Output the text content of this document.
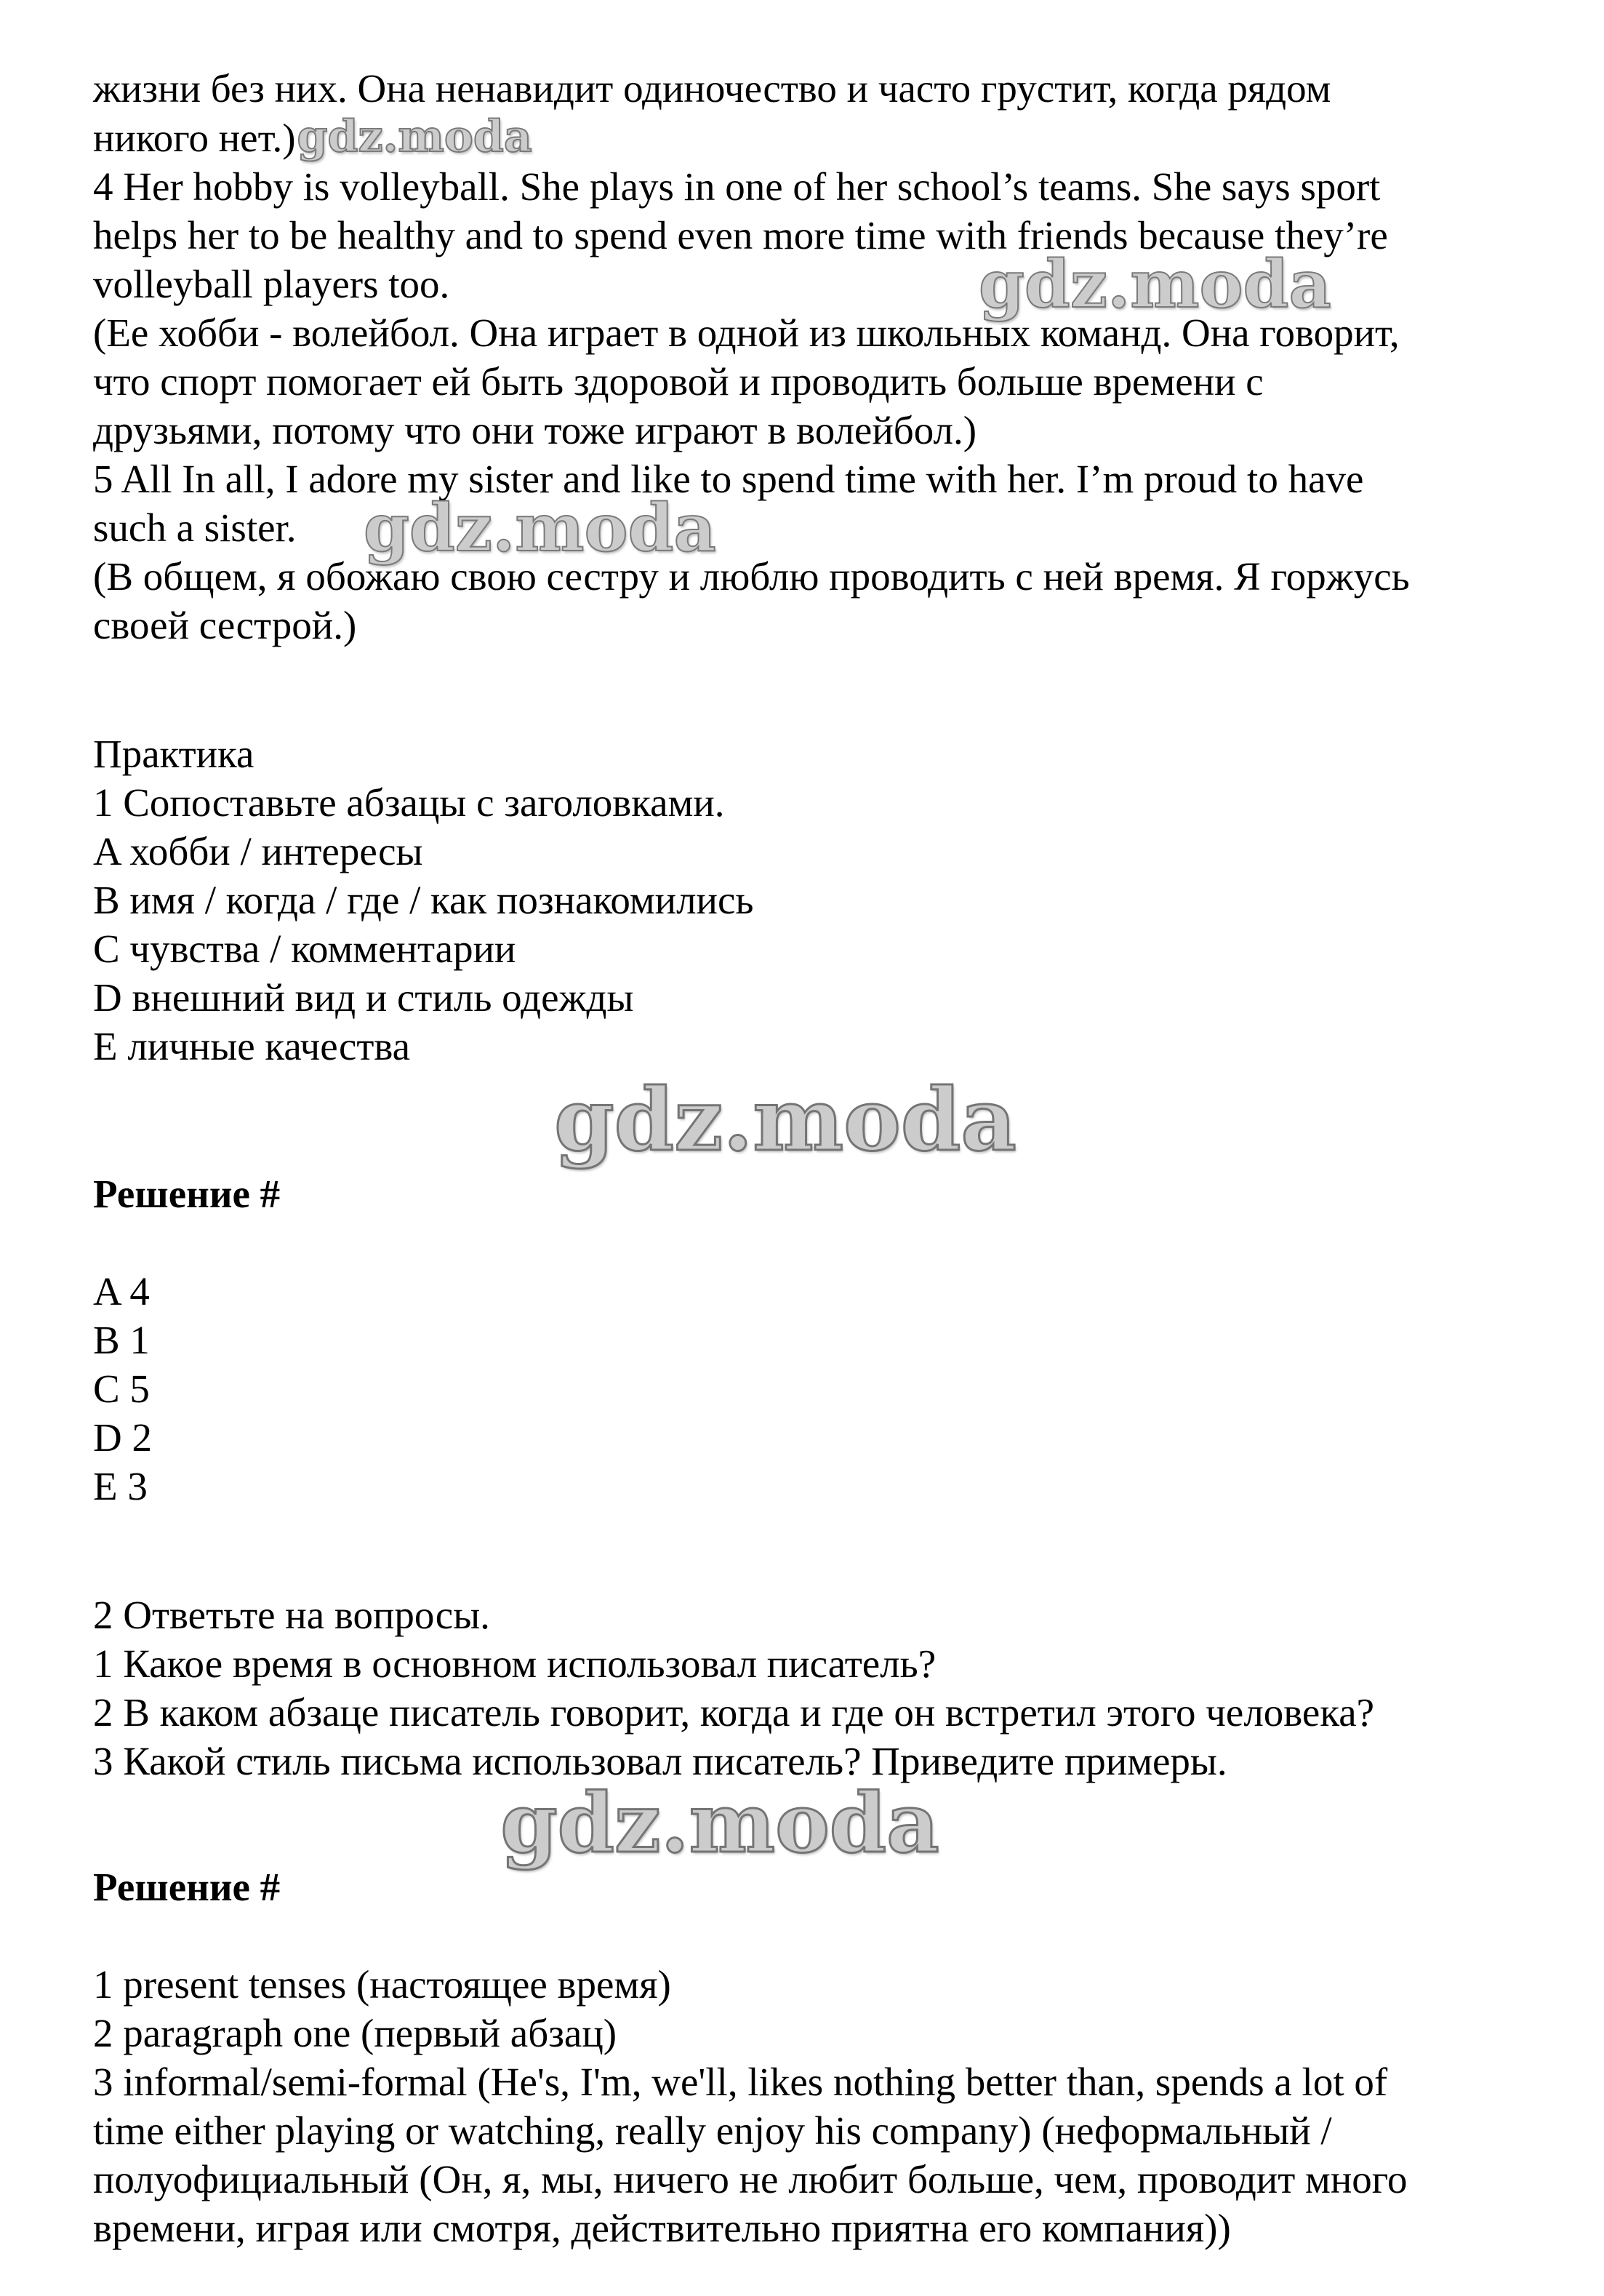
жизни без них. Она ненавидит одиночество и часто грустит, когда рядом

никого нет.)gdz.moda

4 Her hobby is volleyball. She plays in one of her school’s teams. She says sport

helps her to be healthy and to spend even more time with friends because they’re

volleyball players too.	gdz.moda

(Ее хобби - волейбол. Она играет в одной из школьных команд. Она говорит,

что спорт помогает ей быть здоровой и проводить больше времени с

друзьями, потому что они тоже играют в волейбол.)

5 All In all, I adore my sister and like to spend time with her. I’m proud to have

such a sister. gdz.moda

(В общем, я обожаю свою сестру и люблю проводить с ней время. Я горжусь

своей сестрой.)

Практика

1 Сопоставьте абзацы с заголовками.

A хобби / интересы

B имя / когда / где / как познакомились

C чувства / комментарии

D внешний вид и стиль одежды

E личные качества

gdz.moda

Решение #

A 4

B 1

C 5

D 2

E 3

2 Ответьте на вопросы.

1 Какое время в основном использовал писатель?

2 В каком абзаце писатель говорит, когда и где он встретил этого человека?

3 Какой стиль письма использовал писатель? Приведите примеры.

gdz.moda

Решение #

1 present tenses (настоящее время)

2 paragraph one (первый абзац)

3 informal/semi-formal (He's, I'm, we'll, likes nothing better than, spends a lot of

time either playing or watching, really enjoy his company) (неформальный /

полуофициальный (Он, я, мы, ничего не любит больше, чем, проводит много

времени, играя или смотря, действительно приятна его компания))
